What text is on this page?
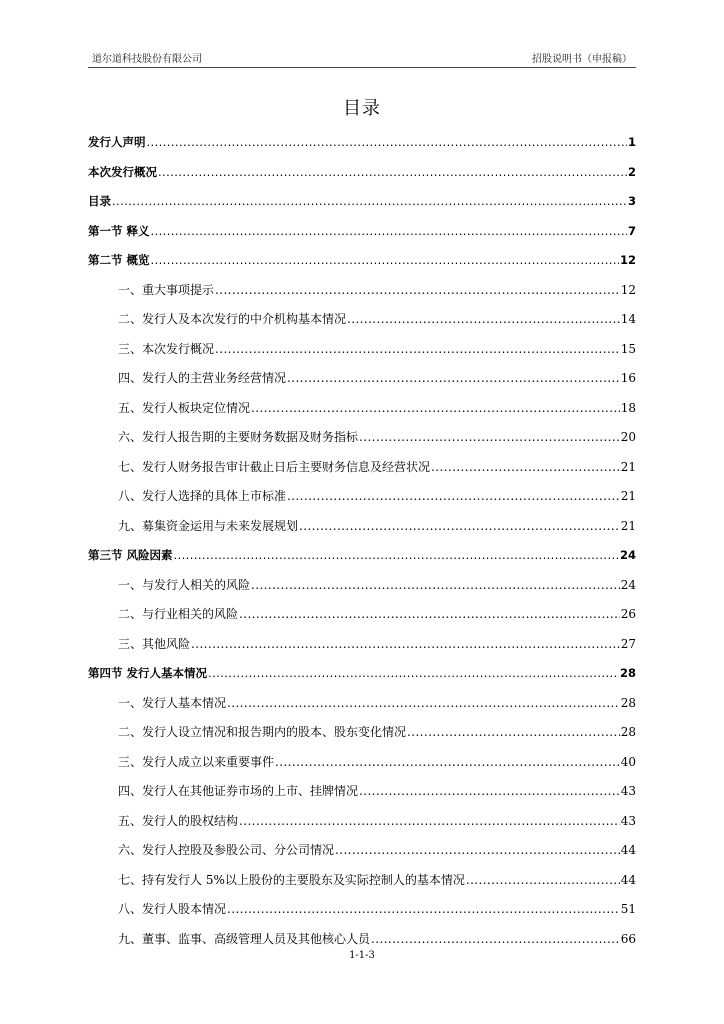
道尔道科技股份有限公司	招股说明书（申报稿）
目录
发行人声明 .....	1
本次发行概况 .....	2
目录 .....	3
第一节 释义 .....	7
第二节 概览 .....	12
一、重大事项提示 .....	12
二、发行人及本次发行的中介机构基本情况 .....	14
三、本次发行概况 .....	15
四、发行人的主营业务经营情况 .....	16
五、发行人板块定位情况 .....	18
六、发行人报告期的主要财务数据及财务指标 .....	20
七、发行人财务报告审计截止日后主要财务信息及经营状况 .....	21
八、发行人选择的具体上市标准 .....	21
九、募集资金运用与未来发展规划 .....	21
第三节 风险因素 .....	24
一、与发行人相关的风险 .....	24
二、与行业相关的风险 .....	26
三、其他风险 .....	27
第四节 发行人基本情况 .....	28
一、发行人基本情况 .....	28
二、发行人设立情况和报告期内的股本、股东变化情况 .....	28
三、发行人成立以来重要事件 .....	40
四、发行人在其他证券市场的上市、挂牌情况 .....	43
五、发行人的股权结构 .....	43
六、发行人控股及参股公司、分公司情况 .....	44
七、持有发行人 5%以上股份的主要股东及实际控制人的基本情况 .....	44
八、发行人股本情况 .....	51
九、董事、监事、高级管理人员及其他核心人员 .....	66
1-1-3
